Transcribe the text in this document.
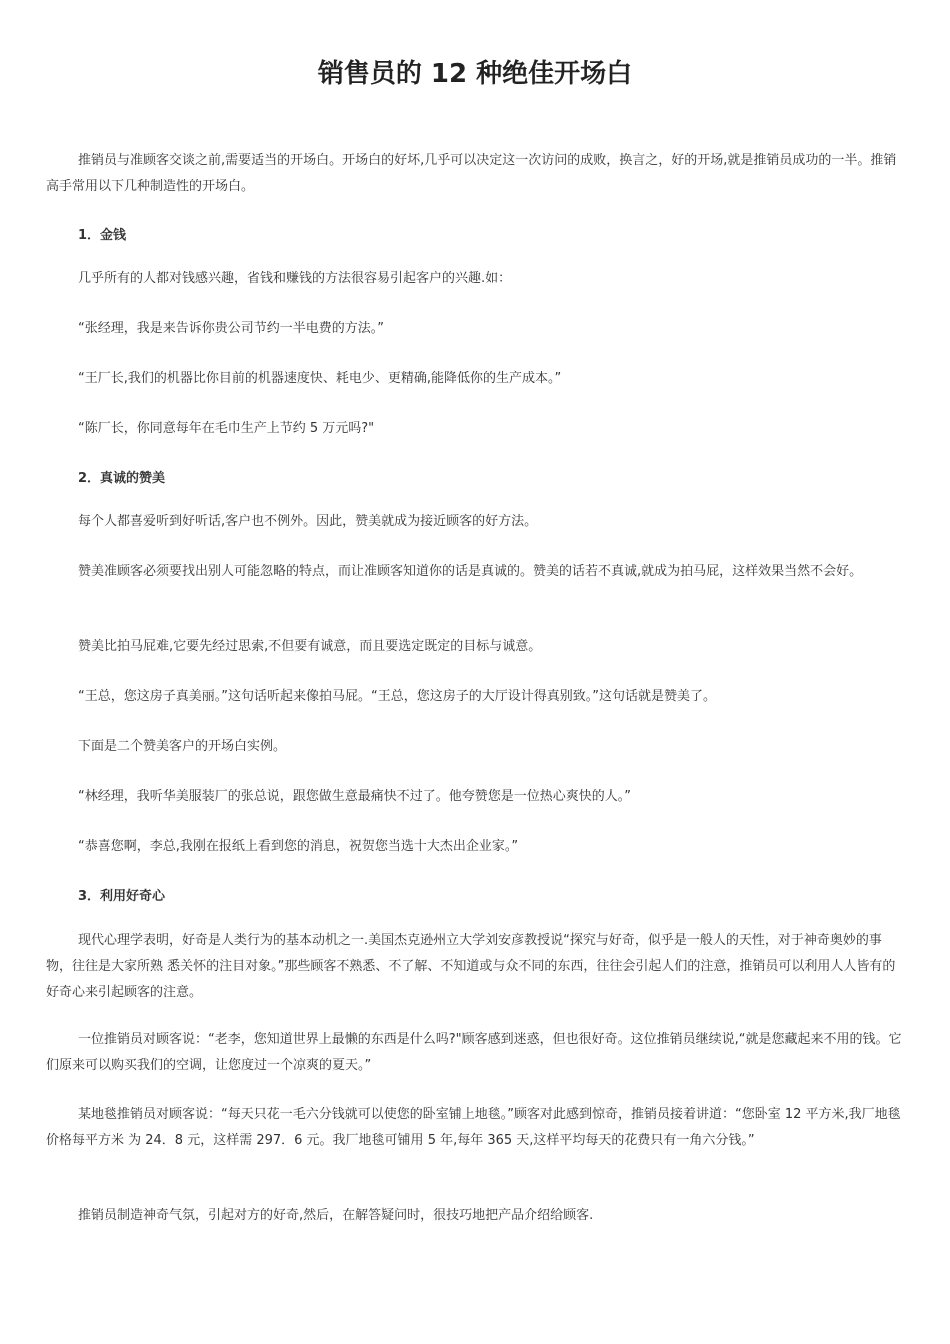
销售员的 12 种绝佳开场白

推销员与准顾客交谈之前,需要适当的开场白。开场白的好坏,几乎可以决定这一次访问的成败，换言之，好的开场,就是推销员成功的一半。推销高手常用以下几种制造性的开场白。

1．金钱

几乎所有的人都对钱感兴趣，省钱和赚钱的方法很容易引起客户的兴趣.如：

“张经理，我是来告诉你贵公司节约一半电费的方法。”

“王厂长,我们的机器比你目前的机器速度快、耗电少、更精确,能降低你的生产成本。”

“陈厂长，你同意每年在毛巾生产上节约 5 万元吗?"

2．真诚的赞美

每个人都喜爱听到好听话,客户也不例外。因此，赞美就成为接近顾客的好方法。

赞美准顾客必须要找出别人可能忽略的特点，而让准顾客知道你的话是真诚的。赞美的话若不真诚,就成为拍马屁，这样效果当然不会好。

赞美比拍马屁难,它要先经过思索,不但要有诚意，而且要选定既定的目标与诚意。

“王总，您这房子真美丽。”这句话听起来像拍马屁。“王总，您这房子的大厅设计得真别致。”这句话就是赞美了。

下面是二个赞美客户的开场白实例。

“林经理，我听华美服装厂的张总说，跟您做生意最痛快不过了。他夸赞您是一位热心爽快的人。”

“恭喜您啊，李总,我刚在报纸上看到您的消息，祝贺您当选十大杰出企业家。”

3．利用好奇心

现代心理学表明，好奇是人类行为的基本动机之一.美国杰克逊州立大学刘安彦教授说“探究与好奇，似乎是一般人的天性，对于神奇奥妙的事物，往往是大家所熟 悉关怀的注目对象。”那些顾客不熟悉、不了解、不知道或与众不同的东西，往往会引起人们的注意，推销员可以利用人人皆有的好奇心来引起顾客的注意。

一位推销员对顾客说：“老李，您知道世界上最懒的东西是什么吗?"顾客感到迷惑，但也很好奇。这位推销员继续说,“就是您藏起来不用的钱。它们原来可以购买我们的空调，让您度过一个凉爽的夏天。”

某地毯推销员对顾客说：“每天只花一毛六分钱就可以使您的卧室铺上地毯。”顾客对此感到惊奇，推销员接着讲道：“您卧室 12 平方米,我厂地毯价格每平方米 为 24．8 元，这样需 297．6 元。我厂地毯可铺用 5 年,每年 365 天,这样平均每天的花费只有一角六分钱。”

推销员制造神奇气氛，引起对方的好奇,然后，在解答疑问时，很技巧地把产品介绍给顾客.
